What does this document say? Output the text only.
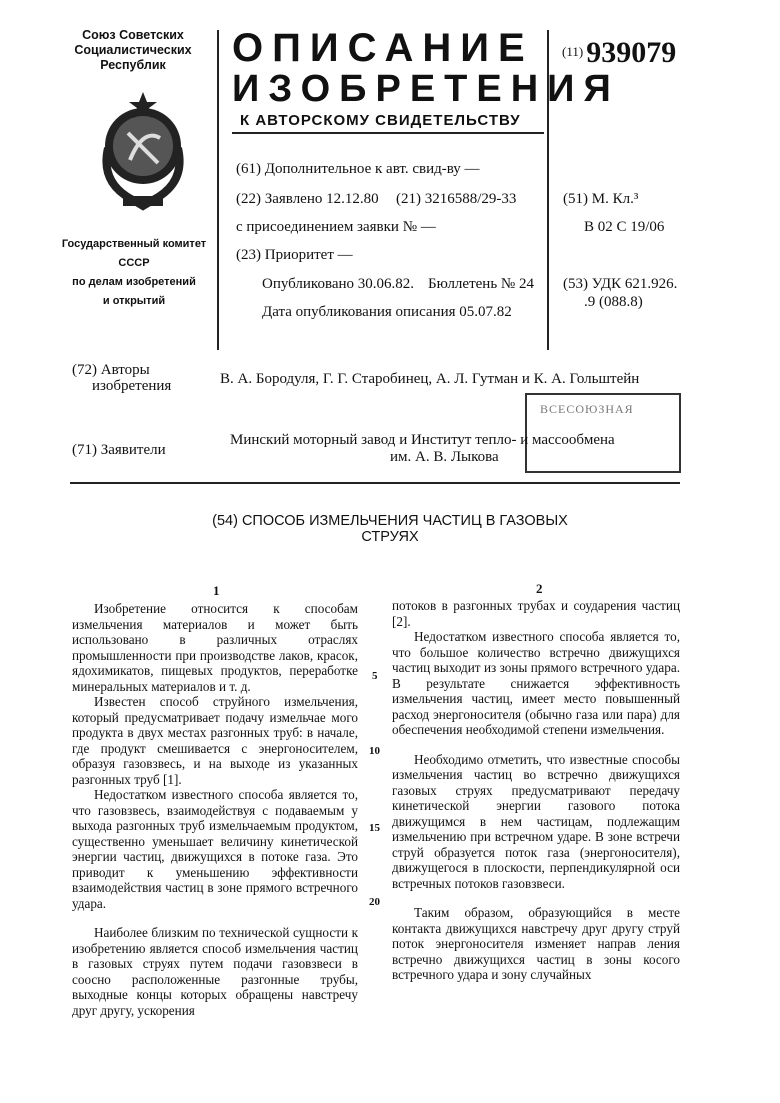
Союз Советских
Социалистических
Республик
Государственный комитет
СССР
по делам изобретений
и открытий
ОПИСАНИЕ
ИЗОБРЕТЕНИЯ
К АВТОРСКОМУ СВИДЕТЕЛЬСТВУ
$^{(11)}$ 939079
(61) Дополнительное к авт. свид-ву —
(22) Заявлено 12.12.80 (21) 3216588/29-33
с присоединением заявки № —
(23) Приоритет —
Опубликовано 30.06.82. Бюллетень № 24
Дата опубликования описания 05.07.82
(51) М. Кл.³
В 02 С 19/06
(53) УДК 621.926.
.9 (088.8)
(72) Авторы
изобретения	В. А. Бородуля, Г. Г. Старобинец, А. Л. Гутман и К. А. Гольштейн
ВСЕСОЮЗНАЯ
(71) Заявители
Минский моторный завод и Институт тепло- и массообмена
им. А. В. Лыкова
(54) СПОСОБ ИЗМЕЛЬЧЕНИЯ ЧАСТИЦ В ГАЗОВЫХ
СТРУЯХ
1	2

Изобретение относится к способам измельчения материалов и может быть использовано в различных отраслях промышленности при производстве лаков, красок, ядохимикатов, пищевых продуктов, переработке минеральных материалов и т. д.

Известен способ струйного измельчения, который предусматривает подачу измельчае мого продукта в двух местах разгонных труб: в начале, где продукт смешивается с энергоносителем, образуя газовзвесь, и на выходе из указанных разгонных труб [1].

Недостатком известного способа является то, что газовзвесь, взаимодействуя с подаваемым у выхода разгонных труб измельчаемым продуктом, существенно уменьшает величину кинетической энергии частиц, движущихся в потоке газа. Это приводит к уменьшению эффективности взаимодействия частиц в зоне прямого встречного удара.

Наиболее близким по технической сущности к изобретению является способ измельчения частиц в газовых струях путем подачи газовзвеси в соосно расположенные разгонные трубы, выходные концы которых обращены навстречу друг другу, ускорения

5
10
15
20

потоков в разгонных трубах и соударения частиц [2].

Недостатком известного способа является то, что большое количество встречно движущихся частиц выходит из зоны прямого встречного удара. В результате снижается эффективность измельчения частиц, имеет место повышенный расход энергоносителя (обычно газа или пара) для обеспечения необходимой степени измельчения.

Необходимо отметить, что известные способы измельчения частиц во встречно движущихся газовых струях предусматривают передачу кинетической энергии газового потока движущимся в нем частицам, подлежащим измельчению при встречном ударе. В зоне встречи струй образуется поток газа (энергоносителя), движущегося в плоскости, перпендикулярной оси встречных потоков газовзвеси.

Таким образом, образующийся в месте контакта движущихся навстречу друг другу струй поток энергоносителя изменяет направ ления встречно движущихся частиц в зоны косого встречного удара и зону случайных
